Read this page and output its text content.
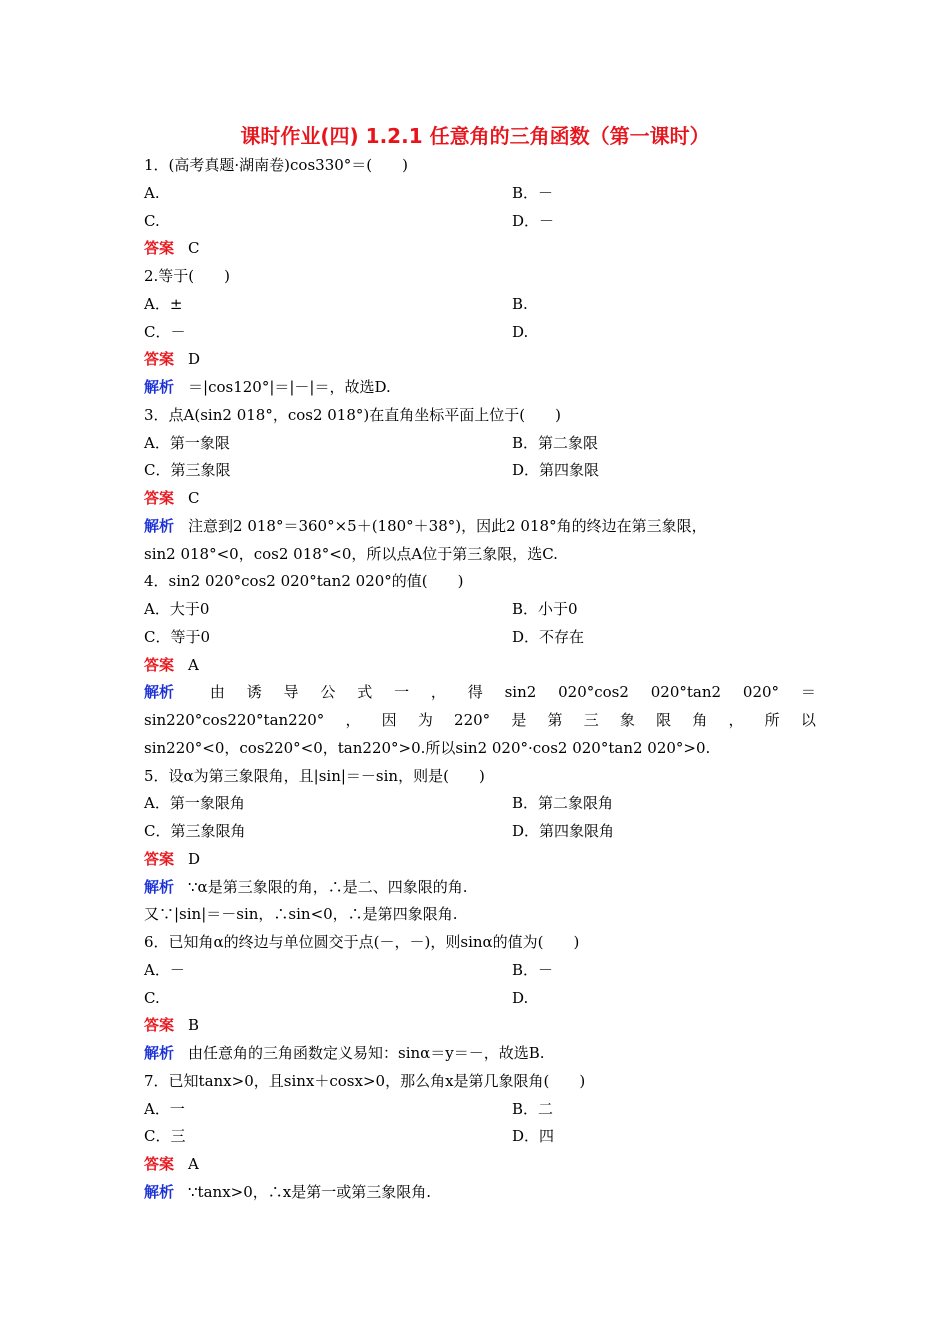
课时作业(四) 1.2.1 任意角的三角函数（第一课时）
1．(高考真题·湖南卷)cos330°＝(　　)
A.	B．－
C.	D．－
答案 C
2.等于(　　)
A．±	B.
C．－	D.
答案 D
解析 ＝|cos120°|＝|－|＝，故选D.
3．点A(sin2 018°，cos2 018°)在直角坐标平面上位于(　　)
A．第一象限	B．第二象限
C．第三象限	D．第四象限
答案 C
解析 注意到2 018°＝360°×5＋(180°＋38°)，因此2 018°角的终边在第三象限，
sin2 018°<0，cos2 018°<0，所以点A位于第三象限，选C.
4．sin2 020°cos2 020°tan2 020°的值(　　)
A．大于0	B．小于0
C．等于0	D．不存在
答案 A
解析 由 诱 导 公 式 一 ， 得 sin2 020°cos2 020°tan2 020° ＝
sin220°cos220°tan220° ， 因 为 220° 是 第 三 象 限 角 ， 所 以
sin220°<0，cos220°<0，tan220°>0.所以sin2 020°·cos2 020°tan2 020°>0.
5．设α为第三象限角，且|sin|＝－sin，则是(　　)
A．第一象限角	B．第二象限角
C．第三象限角	D．第四象限角
答案 D
解析 ∵α是第三象限的角，∴是二、四象限的角.
又∵|sin|＝－sin，∴sin<0，∴是第四象限角.
6．已知角α的终边与单位圆交于点(－，－)，则sinα的值为(　　)
A．－	B．－
C.	D.
答案 B
解析 由任意角的三角函数定义易知：sinα＝y＝－，故选B.
7．已知tanx>0，且sinx＋cosx>0，那么角x是第几象限角(　　)
A．一	B．二
C．三	D．四
答案 A
解析 ∵tanx>0，∴x是第一或第三象限角.
